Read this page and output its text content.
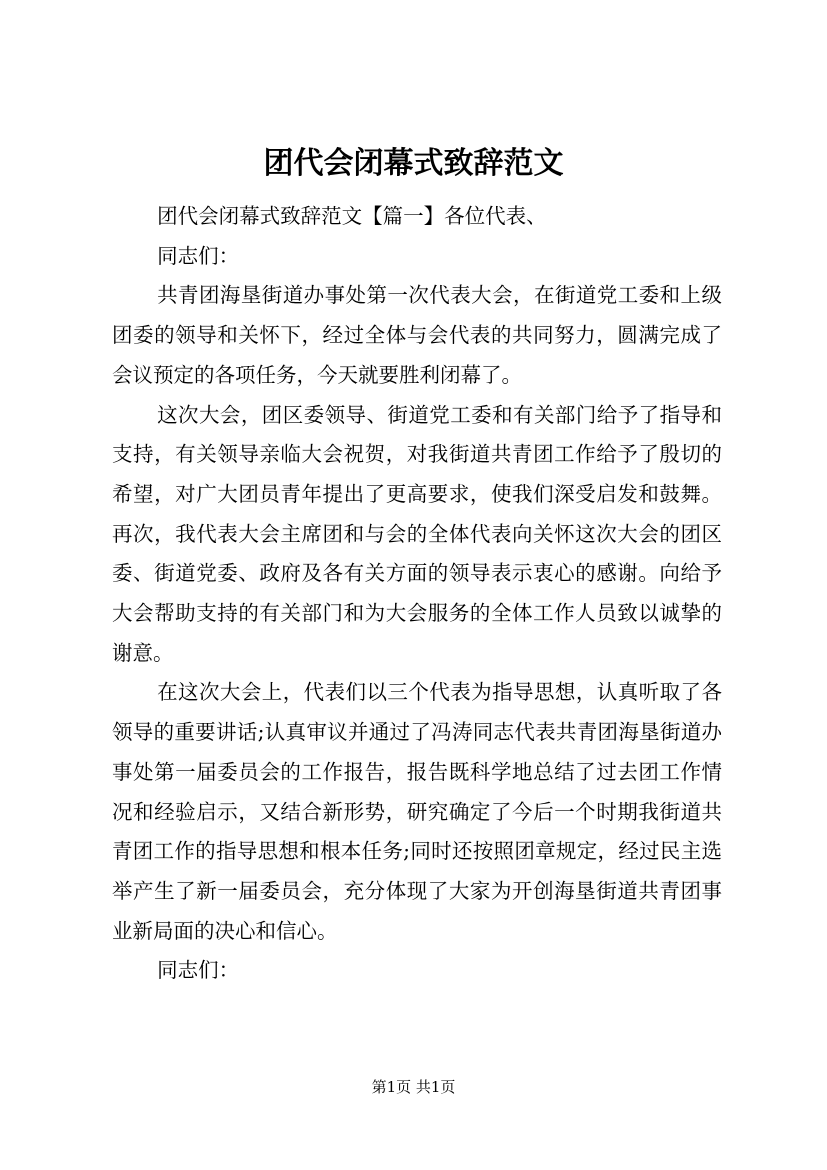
团代会闭幕式致辞范文

团代会闭幕式致辞范文【篇一】各位代表、

同志们：

共青团海垦街道办事处第一次代表大会，在街道党工委和上级团委的领导和关怀下，经过全体与会代表的共同努力，圆满完成了会议预定的各项任务，今天就要胜利闭幕了。

这次大会，团区委领导、街道党工委和有关部门给予了指导和支持，有关领导亲临大会祝贺，对我街道共青团工作给予了殷切的希望，对广大团员青年提出了更高要求，使我们深受启发和鼓舞。再次，我代表大会主席团和与会的全体代表向关怀这次大会的团区委、街道党委、政府及各有关方面的领导表示衷心的感谢。向给予大会帮助支持的有关部门和为大会服务的全体工作人员致以诚挚的谢意。

在这次大会上，代表们以三个代表为指导思想，认真听取了各领导的重要讲话;认真审议并通过了冯涛同志代表共青团海垦街道办事处第一届委员会的工作报告，报告既科学地总结了过去团工作情况和经验启示，又结合新形势，研究确定了今后一个时期我街道共青团工作的指导思想和根本任务;同时还按照团章规定，经过民主选举产生了新一届委员会，充分体现了大家为开创海垦街道共青团事业新局面的决心和信心。

同志们：

第1页 共1页
